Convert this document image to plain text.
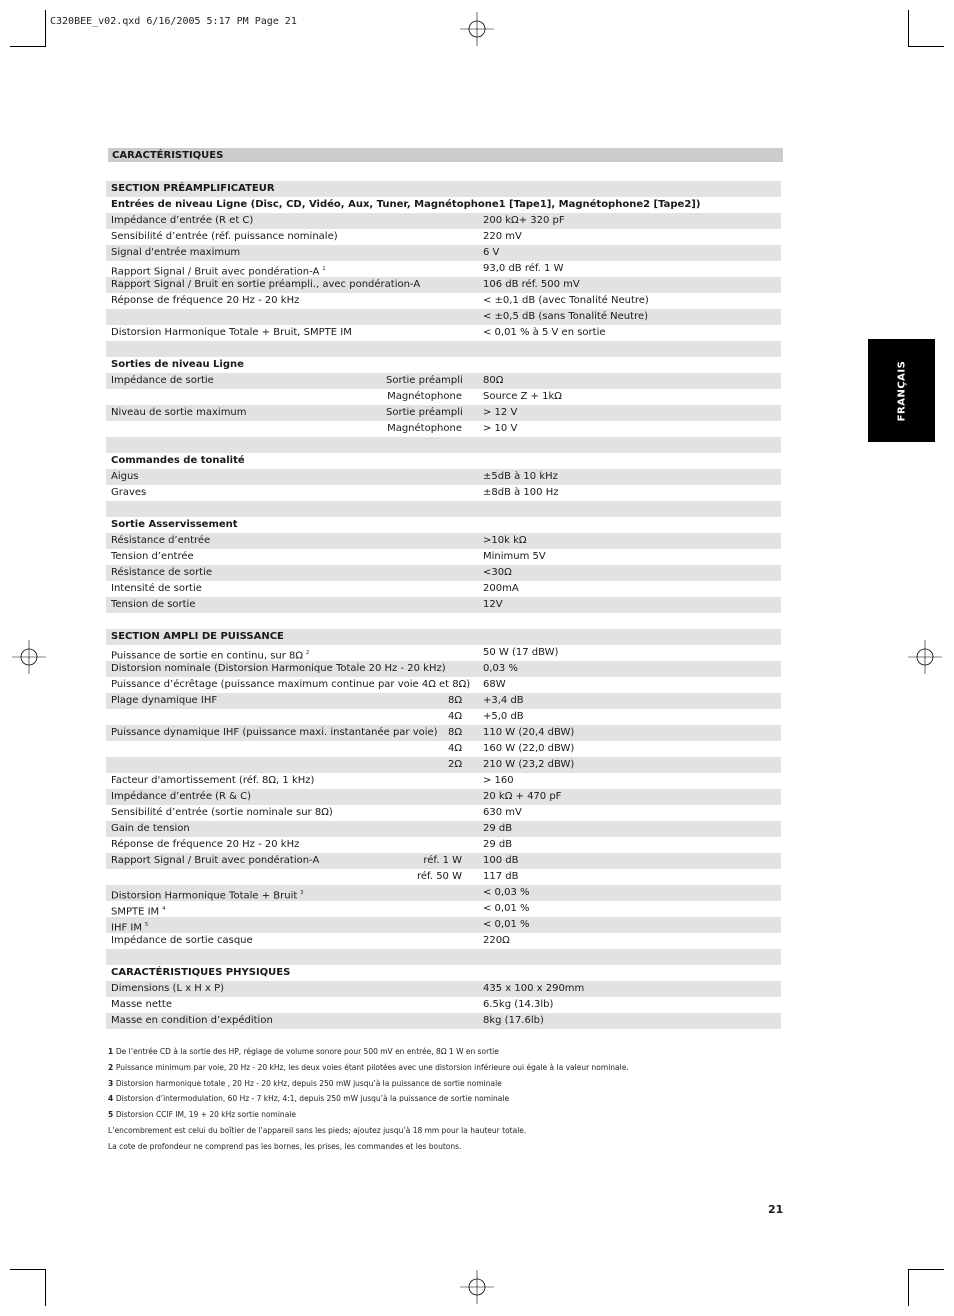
C320BEE_v02.qxd 6/16/2005 5:17 PM Page 21
FRANÇAIS
CARACTÉRISTIQUES
SECTION PRÉAMPLIFICATEUR
Entrées de niveau Ligne (Disc, CD, Vidéo, Aux, Tuner, Magnétophone1 [Tape1], Magnétophone2 [Tape2])
Impédance d’entrée (R et C)	200 kΩ+ 320 pF
Sensibilité d’entrée (réf. puissance nominale)	220 mV
Signal d'entrée maximum	6 V
Rapport Signal / Bruit avec pondération-A $^1$	93,0 dB réf. 1 W
Rapport Signal / Bruit en sortie préampli., avec pondération-A	106 dB réf. 500 mV
Réponse de fréquence 20 Hz - 20 kHz	< ±0,1 dB (avec Tonalité Neutre)
< ±0,5 dB (sans Tonalité Neutre)
Distorsion Harmonique Totale + Bruit, SMPTE IM	< 0,01 % à 5 V en sortie
Sorties de niveau Ligne
Impédance de sortie	Sortie préampli	80Ω
Magnétophone	Source Z + 1kΩ
Niveau de sortie maximum	Sortie préampli	> 12 V
Magnétophone	> 10 V
Commandes de tonalité
Aigus	±5dB à 10 kHz
Graves	±8dB à 100 Hz
Sortie Asservissement
Résistance d’entrée	>10k kΩ
Tension d’entrée	Minimum 5V
Résistance de sortie	<30Ω
Intensité de sortie	200mA
Tension de sortie	12V
SECTION AMPLI DE PUISSANCE
Puissance de sortie en continu, sur 8Ω $^2$	50 W (17 dBW)
Distorsion nominale (Distorsion Harmonique Totale 20 Hz - 20 kHz)	0,03 %
Puissance d’écrêtage (puissance maximum continue par voie 4Ω et 8Ω)	68W
Plage dynamique IHF	8Ω	+3,4 dB
4Ω	+5,0 dB
Puissance dynamique IHF (puissance maxi. instantanée par voie)	8Ω	110 W (20,4 dBW)
4Ω	160 W (22,0 dBW)
2Ω	210 W (23,2 dBW)
Facteur d'amortissement (réf. 8Ω, 1 kHz)	> 160
Impédance d’entrée (R & C)	20 kΩ + 470 pF
Sensibilité d’entrée (sortie nominale sur 8Ω)	630 mV
Gain de tension	29 dB
Réponse de fréquence 20 Hz - 20 kHz	29 dB
Rapport Signal / Bruit avec pondération-A	réf. 1 W	100 dB
réf. 50 W	117 dB
Distorsion Harmonique Totale + Bruit $^3$	< 0,03 %
SMPTE IM $^4$	< 0,01 %
IHF IM $^5$	< 0,01 %
Impédance de sortie casque	220Ω
CARACTÉRISTIQUES PHYSIQUES
Dimensions (L x H x P)	435 x 100 x 290mm
Masse nette	6.5kg (14.3lb)
Masse en condition d’expédition	8kg (17.6lb)
1 De l’entrée CD à la sortie des HP, réglage de volume sonore pour 500 mV en entrée, 8Ω 1 W en sortie
2 Puissance minimum par voie, 20 Hz - 20 kHz, les deux voies étant pilotées avec une distorsion inférieure oui égale à la valeur nominale.
3 Distorsion harmonique totale , 20 Hz - 20 kHz, depuis 250 mW jusqu’à la puissance de sortie nominale
4 Distorsion d’intermodulation, 60 Hz - 7 kHz, 4:1, depuis 250 mW jusqu’à la puissance de sortie nominale
5 Distorsion CCIF IM, 19 + 20 kHz sortie nominale
L’encombrement est celui du boîtier de l’appareil sans les pieds; ajoutez jusqu’à 18 mm pour la hauteur totale.
La cote de profondeur ne comprend pas les bornes, les prises, les commandes et les boutons.
21
